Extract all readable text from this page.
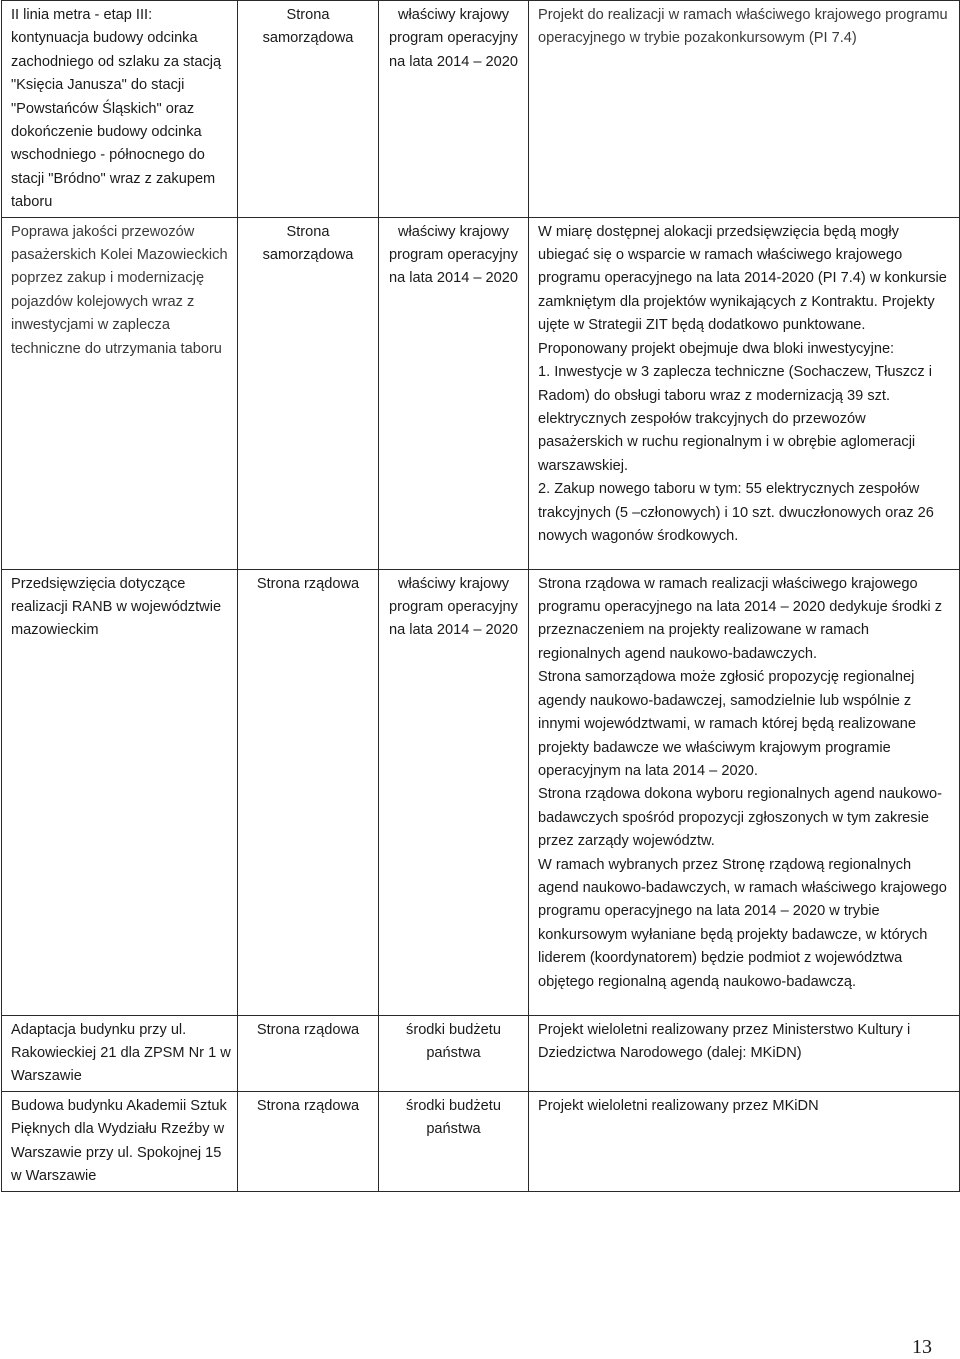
II linia metra - etap III: kontynuacja budowy odcinka zachodniego od szlaku za stacją "Księcia Janusza" do stacji "Powstańców Śląskich" oraz dokończenie budowy odcinka wschodniego - północnego do stacji "Bródno" wraz z zakupem taboru	Strona samorządowa	właściwy krajowy program operacyjny na lata 2014 – 2020	Projekt do realizacji w ramach właściwego krajowego programu operacyjnego w trybie pozakonkursowym (PI 7.4)

Poprawa jakości przewozów pasażerskich Kolei Mazowieckich poprzez zakup i modernizację pojazdów kolejowych wraz z inwestycjami w zaplecza techniczne do utrzymania taboru	Strona samorządowa	właściwy krajowy program operacyjny na lata 2014 – 2020	W miarę dostępnej alokacji przedsięwzięcia będą mogły ubiegać się o wsparcie w ramach właściwego krajowego programu operacyjnego na lata 2014-2020 (PI 7.4) w konkursie zamkniętym dla projektów wynikających z Kontraktu. Projekty ujęte w Strategii ZIT będą dodatkowo punktowane.

Proponowany projekt obejmuje dwa bloki inwestycyjne:

1. Inwestycje w 3 zaplecza techniczne (Sochaczew, Tłuszcz i Radom) do obsługi taboru wraz z modernizacją 39 szt. elektrycznych zespołów trakcyjnych do przewozów pasażerskich w ruchu regionalnym i w obrębie aglomeracji warszawskiej.

2. Zakup nowego taboru w tym: 55 elektrycznych zespołów trakcyjnych (5 –członowych) i 10 szt. dwuczłonowych oraz 26 nowych wagonów środkowych.

Przedsięwzięcia dotyczące realizacji RANB w województwie mazowieckim	Strona rządowa	właściwy krajowy program operacyjny na lata 2014 – 2020	Strona rządowa w ramach realizacji właściwego krajowego programu operacyjnego na lata 2014 – 2020 dedykuje środki z przeznaczeniem na projekty realizowane w ramach regionalnych agend naukowo-badawczych.

Strona samorządowa może zgłosić propozycję regionalnej agendy naukowo-badawczej, samodzielnie lub wspólnie z innymi województwami, w ramach której będą realizowane projekty badawcze we właściwym krajowym programie operacyjnym na lata 2014 – 2020.

Strona rządowa dokona wyboru regionalnych agend naukowo-badawczych spośród propozycji zgłoszonych w tym zakresie przez zarządy województw.

W ramach wybranych przez Stronę rządową regionalnych agend naukowo-badawczych, w ramach właściwego krajowego programu operacyjnego na lata 2014 – 2020 w trybie konkursowym wyłaniane będą projekty badawcze, w których liderem (koordynatorem) będzie podmiot z województwa objętego regionalną agendą naukowo-badawczą.

Adaptacja budynku przy ul. Rakowieckiej 21 dla ZPSM Nr 1 w Warszawie	Strona rządowa	środki budżetu państwa	Projekt wieloletni realizowany przez Ministerstwo Kultury i Dziedzictwa Narodowego (dalej: MKiDN)

Budowa budynku Akademii Sztuk Pięknych dla Wydziału Rzeźby w Warszawie przy ul. Spokojnej 15 w Warszawie	Strona rządowa	środki budżetu państwa	Projekt wieloletni realizowany przez MKiDN

13
